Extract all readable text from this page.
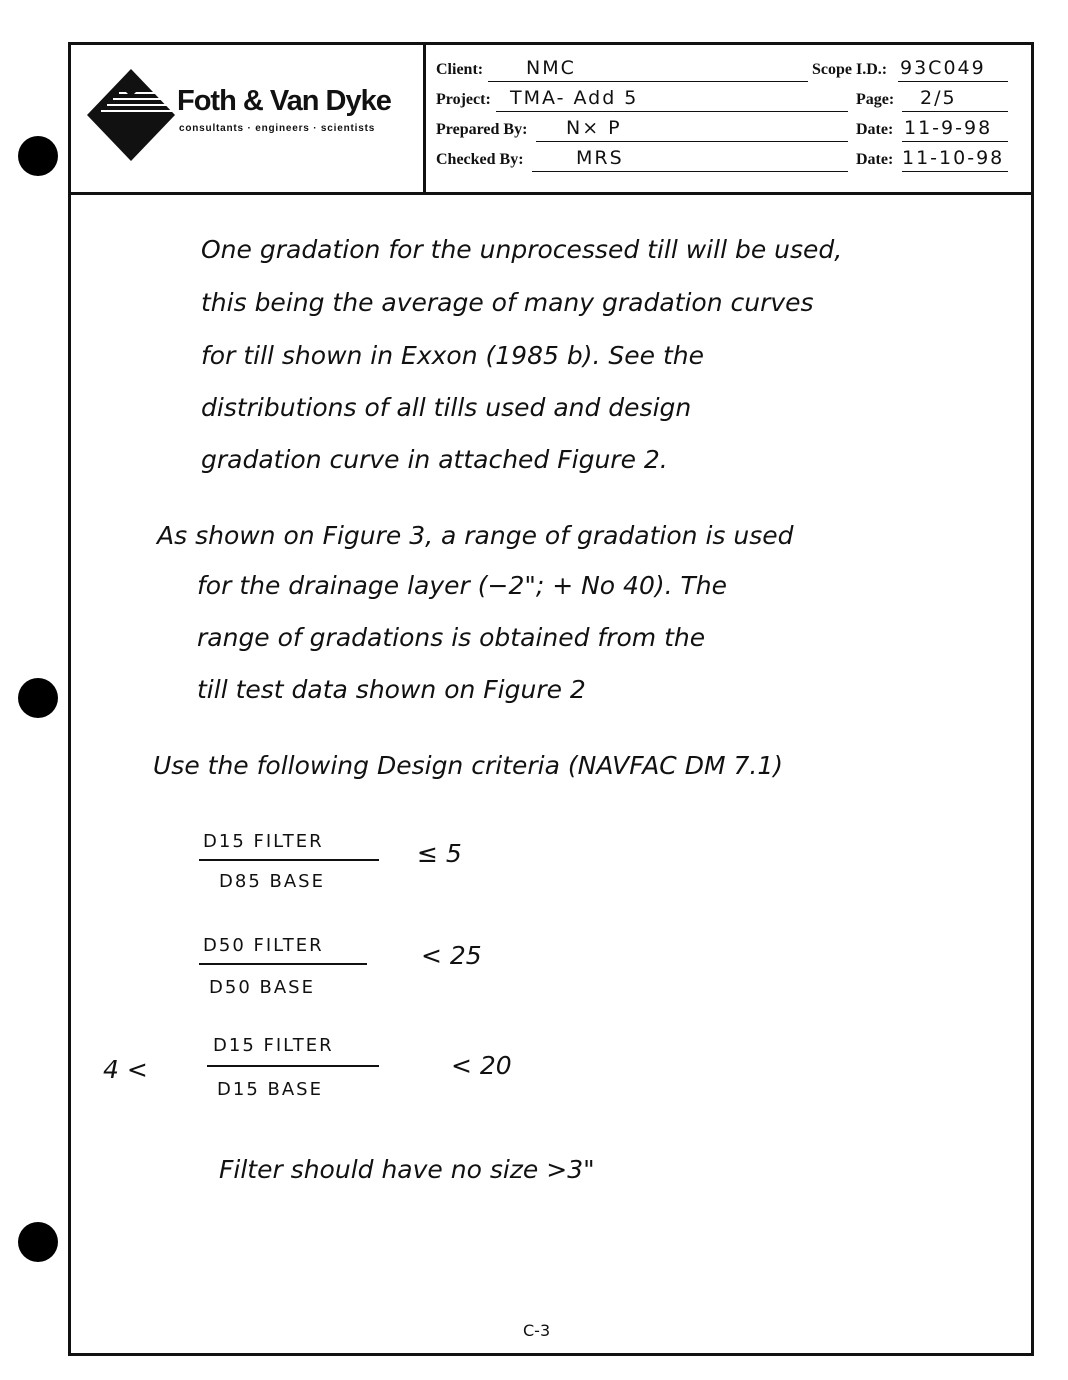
Foth & Van Dyke
consultants · engineers · scientists
Client: NMC	Scope I.D.: 93C049
Project: TMA- Add 5	Page: 2/5
Prepared By: N× P	Date: 11-9-98
Checked By:	MRS	Date: 11-10-98
One gradation for the unprocessed till will be used,
this being the average of many gradation curves
for till shown in Exxon (1985 b). See the
distributions of all tills used and design
gradation curve in attached Figure 2.
As shown on Figure 3, a range of gradation is used
for the drainage layer (−2"; + No 40). The
range of gradations is obtained from the
till test data shown on Figure 2
Use the following Design criteria (NAVFAC DM 7.1)
D15 FILTER
D85 BASE
≤ 5
D50 FILTER
D50 BASE
< 25
4 <
D15 FILTER
D15 BASE
< 20
Filter should have no size >3"
C-3
